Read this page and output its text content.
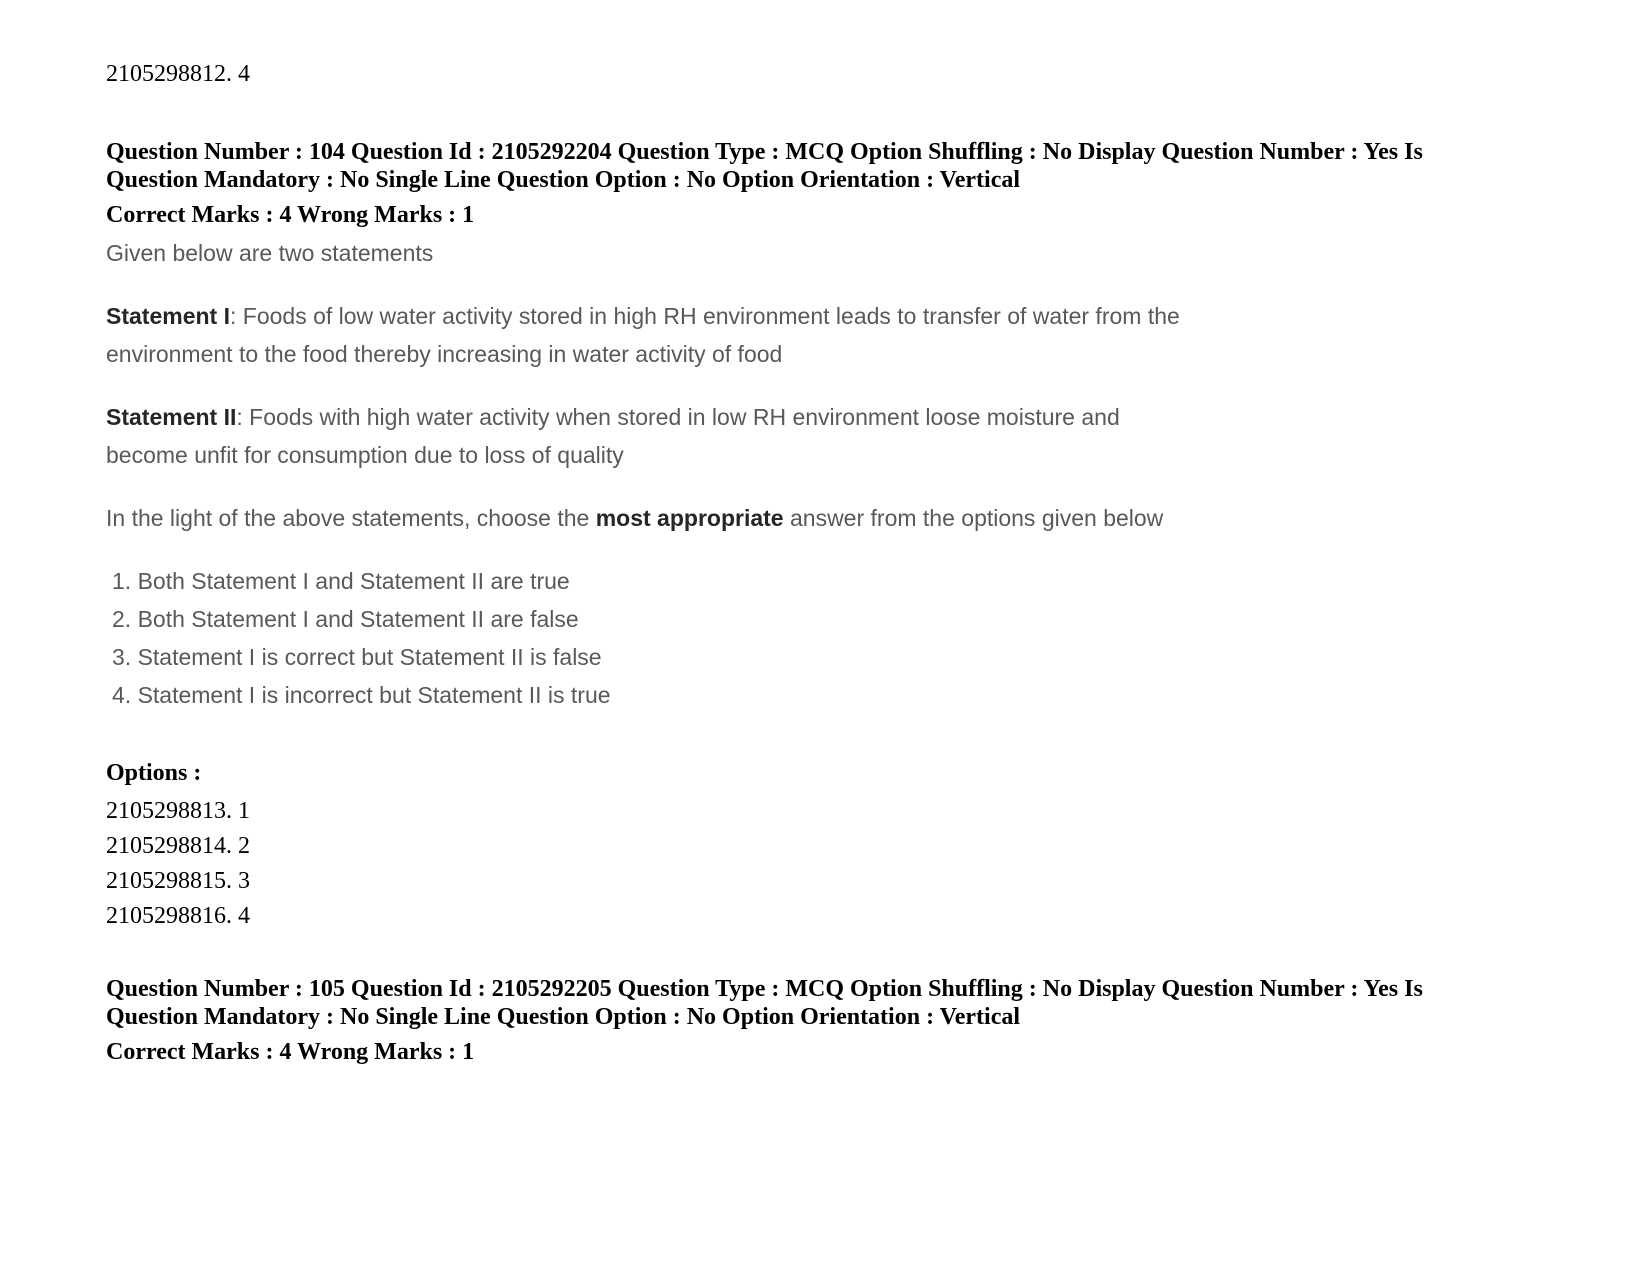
2105298812. 4
Question Number : 104 Question Id : 2105292204 Question Type : MCQ Option Shuffling : No Display Question Number : Yes Is
Question Mandatory : No Single Line Question Option : No Option Orientation : Vertical
Correct Marks : 4 Wrong Marks : 1

Given below are two statements

Statement I: Foods of low water activity stored in high RH environment leads to transfer of water from the environment to the food thereby increasing in water activity of food

Statement II: Foods with high water activity when stored in low RH environment loose moisture and become unfit for consumption due to loss of quality

In the light of the above statements, choose the most appropriate answer from the options given below

1. Both Statement I and Statement II are true
2. Both Statement I and Statement II are false
3. Statement I is correct but Statement II is false
4. Statement I is incorrect but Statement II is true
Options :
2105298813. 1
2105298814. 2
2105298815. 3
2105298816. 4
Question Number : 105 Question Id : 2105292205 Question Type : MCQ Option Shuffling : No Display Question Number : Yes Is
Question Mandatory : No Single Line Question Option : No Option Orientation : Vertical
Correct Marks : 4 Wrong Marks : 1
